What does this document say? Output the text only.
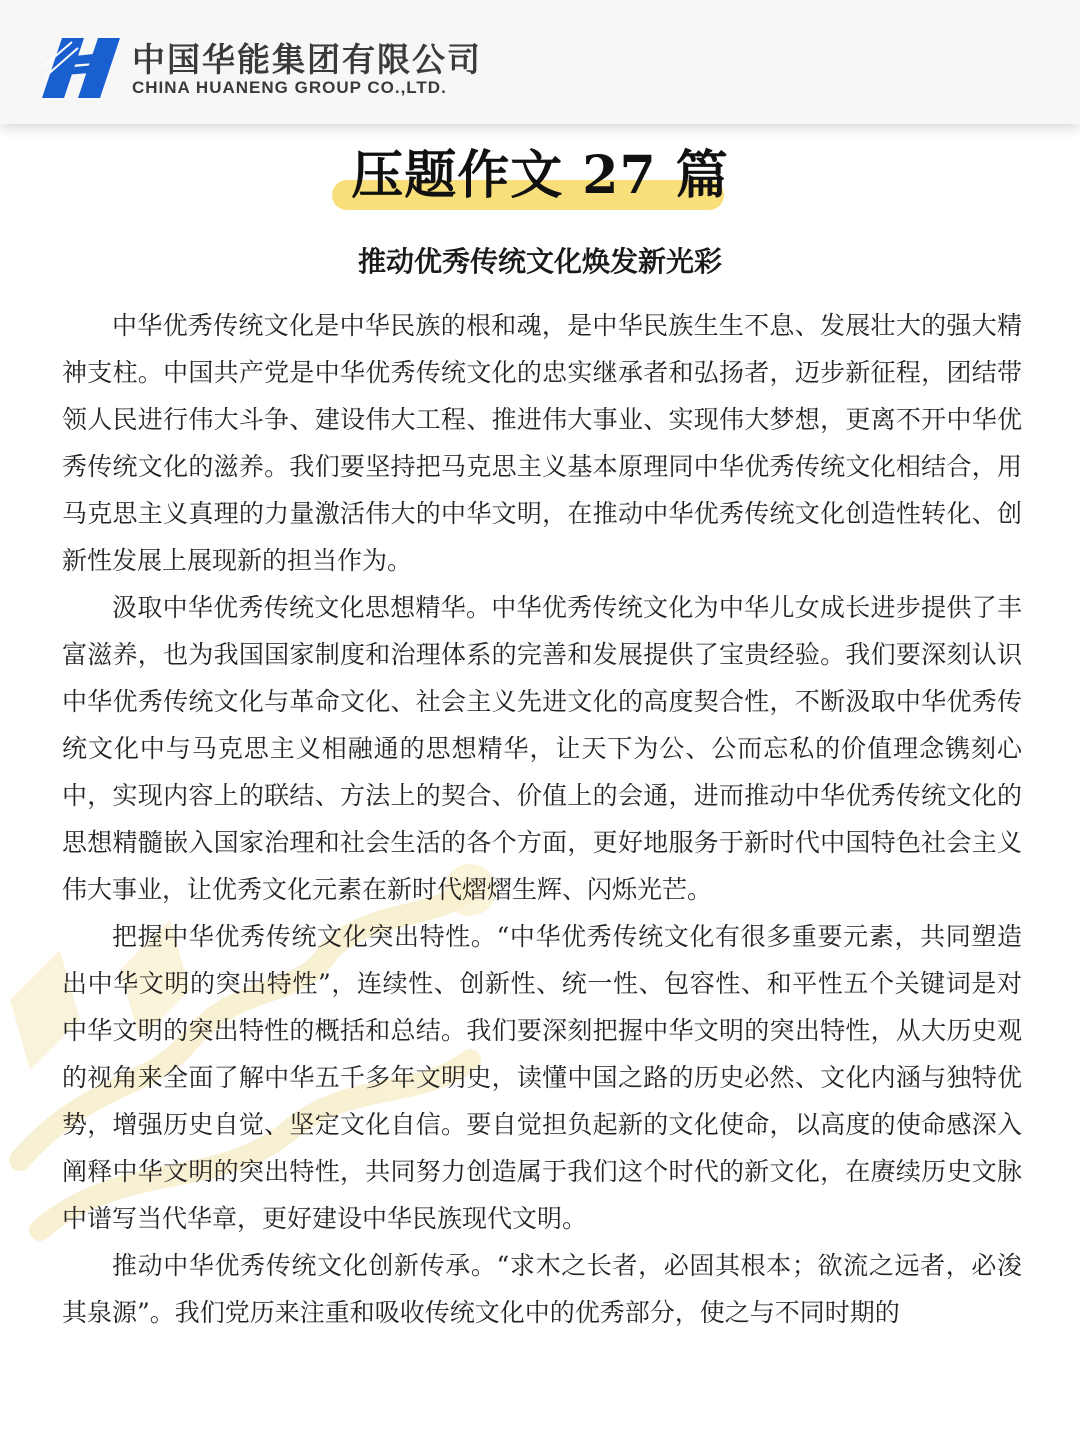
中国华能集团有限公司
CHINA HUANENG GROUP CO.,LTD.
压题作文 27 篇
推动优秀传统文化焕发新光彩

中华优秀传统文化是中华民族的根和魂，是中华民族生生不息、发展壮大的强大精神支柱。中国共产党是中华优秀传统文化的忠实继承者和弘扬者，迈步新征程，团结带领人民进行伟大斗争、建设伟大工程、推进伟大事业、实现伟大梦想，更离不开中华优秀传统文化的滋养。我们要坚持把马克思主义基本原理同中华优秀传统文化相结合，用马克思主义真理的力量激活伟大的中华文明，在推动中华优秀传统文化创造性转化、创新性发展上展现新的担当作为。

汲取中华优秀传统文化思想精华。中华优秀传统文化为中华儿女成长进步提供了丰富滋养，也为我国国家制度和治理体系的完善和发展提供了宝贵经验。我们要深刻认识中华优秀传统文化与革命文化、社会主义先进文化的高度契合性，不断汲取中华优秀传统文化中与马克思主义相融通的思想精华，让天下为公、公而忘私的价值理念镌刻心中，实现内容上的联结、方法上的契合、价值上的会通，进而推动中华优秀传统文化的思想精髓嵌入国家治理和社会生活的各个方面，更好地服务于新时代中国特色社会主义伟大事业，让优秀文化元素在新时代熠熠生辉、闪烁光芒。

把握中华优秀传统文化突出特性。“中华优秀传统文化有很多重要元素，共同塑造出中华文明的突出特性”，连续性、创新性、统一性、包容性、和平性五个关键词是对中华文明的突出特性的概括和总结。我们要深刻把握中华文明的突出特性，从大历史观的视角来全面了解中华五千多年文明史，读懂中国之路的历史必然、文化内涵与独特优势，增强历史自觉、坚定文化自信。要自觉担负起新的文化使命，以高度的使命感深入阐释中华文明的突出特性，共同努力创造属于我们这个时代的新文化，在赓续历史文脉中谱写当代华章，更好建设中华民族现代文明。

推动中华优秀传统文化创新传承。“求木之长者，必固其根本；欲流之远者，必浚其泉源”。我们党历来注重和吸收传统文化中的优秀部分，使之与不同时期的
